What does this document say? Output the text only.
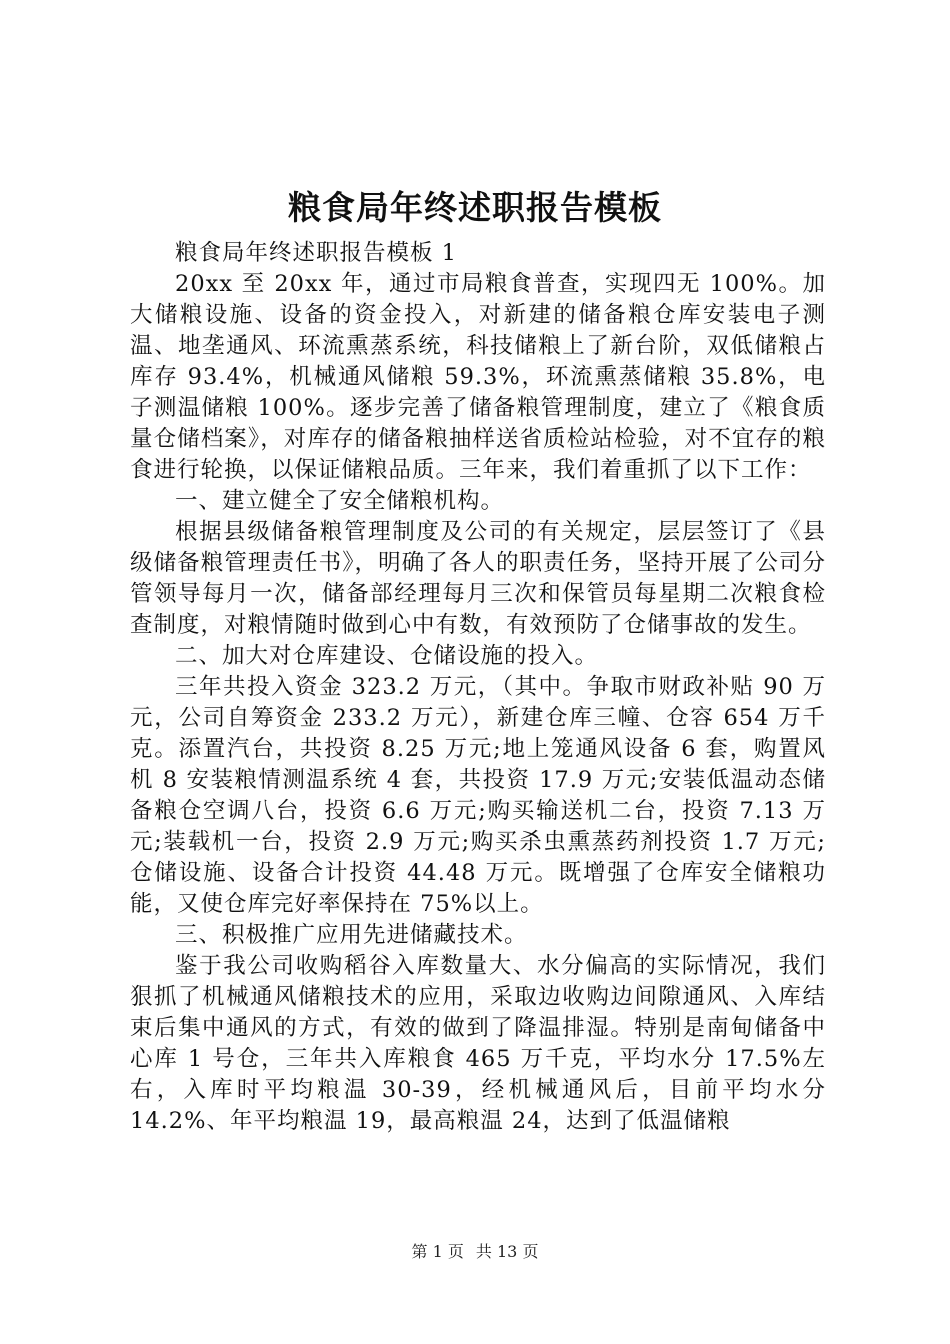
粮食局年终述职报告模板

粮食局年终述职报告模板 1

20xx 至 20xx 年，通过市局粮食普查，实现四无 100%。加大储粮设施、设备的资金投入，对新建的储备粮仓库安装电子测温、地垄通风、环流熏蒸系统，科技储粮上了新台阶，双低储粮占库存 93.4%，机械通风储粮 59.3%，环流熏蒸储粮 35.8%，电子测温储粮 100%。逐步完善了储备粮管理制度，建立了《粮食质量仓储档案》，对库存的储备粮抽样送省质检站检验，对不宜存的粮食进行轮换，以保证储粮品质。三年来，我们着重抓了以下工作：

一、建立健全了安全储粮机构。

根据县级储备粮管理制度及公司的有关规定，层层签订了《县级储备粮管理责任书》，明确了各人的职责任务，坚持开展了公司分管领导每月一次，储备部经理每月三次和保管员每星期二次粮食检查制度，对粮情随时做到心中有数，有效预防了仓储事故的发生。

二、加大对仓库建设、仓储设施的投入。

三年共投入资金 323.2 万元，（其中。争取市财政补贴 90 万元，公司自筹资金 233.2 万元），新建仓库三幢、仓容 654 万千克。添置汽台，共投资 8.25 万元;地上笼通风设备 6 套，购置风机 8 安装粮情测温系统 4 套，共投资 17.9 万元;安装低温动态储备粮仓空调八台，投资 6.6 万元;购买输送机二台，投资 7.13 万元;装载机一台，投资 2.9 万元;购买杀虫熏蒸药剂投资 1.7 万元;仓储设施、设备合计投资 44.48 万元。既增强了仓库安全储粮功能，又使仓库完好率保持在 75%以上。

三、积极推广应用先进储藏技术。

鉴于我公司收购稻谷入库数量大、水分偏高的实际情况，我们狠抓了机械通风储粮技术的应用，采取边收购边间隙通风、入库结束后集中通风的方式，有效的做到了降温排湿。特别是南甸储备中心库 1 号仓，三年共入库粮食 465 万千克，平均水分 17.5%左右，入库时平均粮温 30-39，经机械通风后，目前平均水分 14.2%、年平均粮温 19，最高粮温 24，达到了低温储粮

第 1 页 共 13 页
